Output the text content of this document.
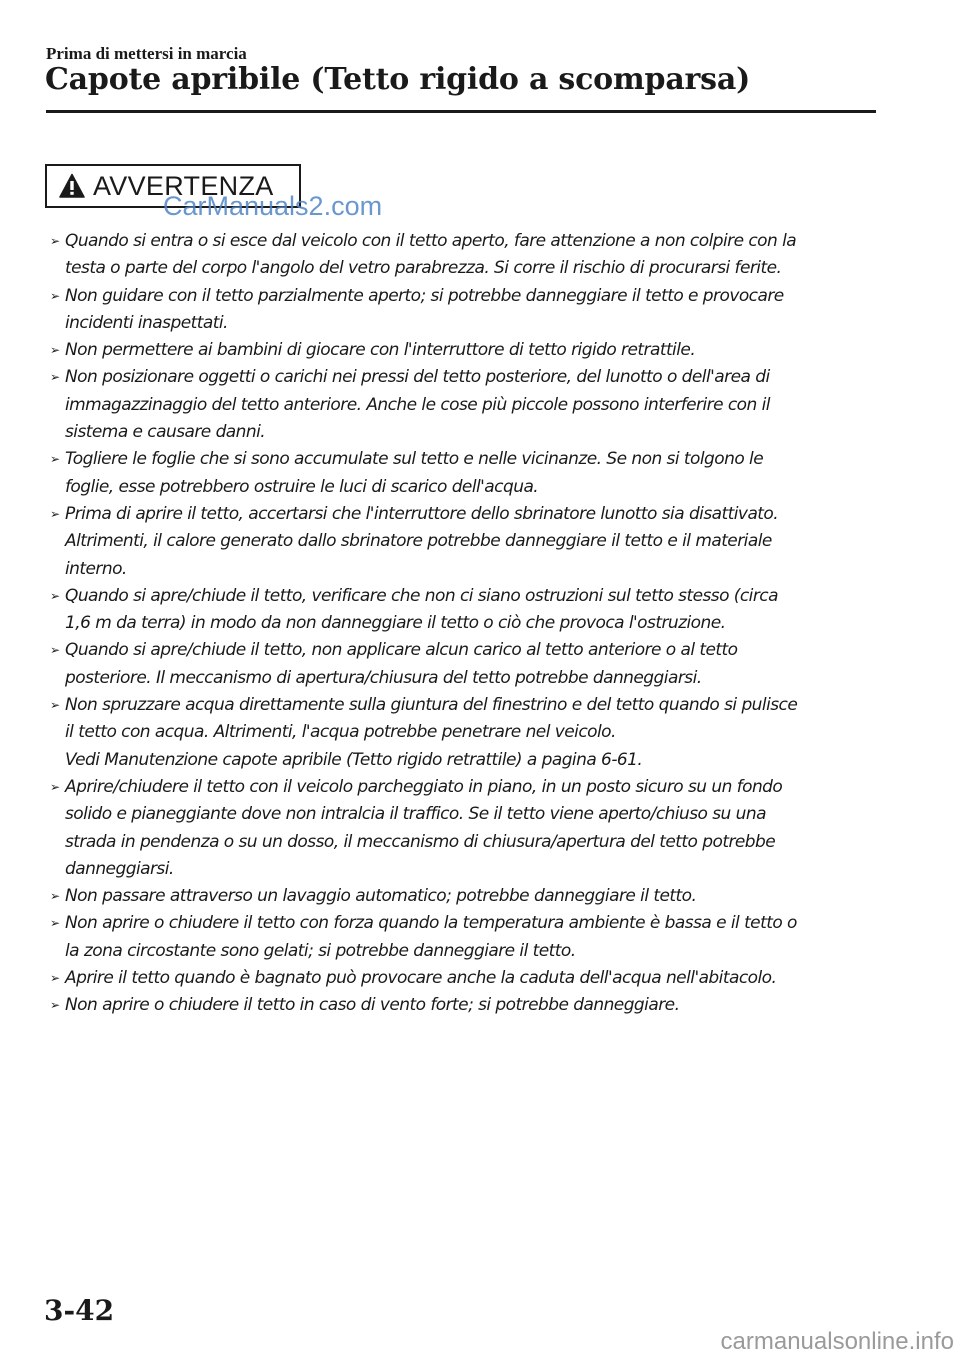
Prima di mettersi in marcia
Capote apribile (Tetto rigido a scomparsa)
AVVERTENZA
CarManuals2.com
➢ Quando si entra o si esce dal veicolo con il tetto aperto, fare attenzione a non colpire con la
testa o parte del corpo l'angolo del vetro parabrezza. Si corre il rischio di procurarsi ferite.
➢ Non guidare con il tetto parzialmente aperto; si potrebbe danneggiare il tetto e provocare
incidenti inaspettati.
➢ Non permettere ai bambini di giocare con l'interruttore di tetto rigido retrattile.
➢ Non posizionare oggetti o carichi nei pressi del tetto posteriore, del lunotto o dell'area di
immagazzinaggio del tetto anteriore. Anche le cose più piccole possono interferire con il
sistema e causare danni.
➢ Togliere le foglie che si sono accumulate sul tetto e nelle vicinanze. Se non si tolgono le
foglie, esse potrebbero ostruire le luci di scarico dell'acqua.
➢ Prima di aprire il tetto, accertarsi che l'interruttore dello sbrinatore lunotto sia disattivato.
Altrimenti, il calore generato dallo sbrinatore potrebbe danneggiare il tetto e il materiale
interno.
➢ Quando si apre/chiude il tetto, verificare che non ci siano ostruzioni sul tetto stesso (circa
1,6 m da terra) in modo da non danneggiare il tetto o ciò che provoca l'ostruzione.
➢ Quando si apre/chiude il tetto, non applicare alcun carico al tetto anteriore o al tetto
posteriore. Il meccanismo di apertura/chiusura del tetto potrebbe danneggiarsi.
➢ Non spruzzare acqua direttamente sulla giuntura del finestrino e del tetto quando si pulisce
il tetto con acqua. Altrimenti, l'acqua potrebbe penetrare nel veicolo.
Vedi Manutenzione capote apribile (Tetto rigido retrattile) a pagina 6-61.
➢ Aprire/chiudere il tetto con il veicolo parcheggiato in piano, in un posto sicuro su un fondo
solido e pianeggiante dove non intralcia il traffico. Se il tetto viene aperto/chiuso su una
strada in pendenza o su un dosso, il meccanismo di chiusura/apertura del tetto potrebbe
danneggiarsi.
➢ Non passare attraverso un lavaggio automatico; potrebbe danneggiare il tetto.
➢ Non aprire o chiudere il tetto con forza quando la temperatura ambiente è bassa e il tetto o
la zona circostante sono gelati; si potrebbe danneggiare il tetto.
➢ Aprire il tetto quando è bagnato può provocare anche la caduta dell'acqua nell'abitacolo.
➢ Non aprire o chiudere il tetto in caso di vento forte; si potrebbe danneggiare.
3-42
carmanualsonline.info
